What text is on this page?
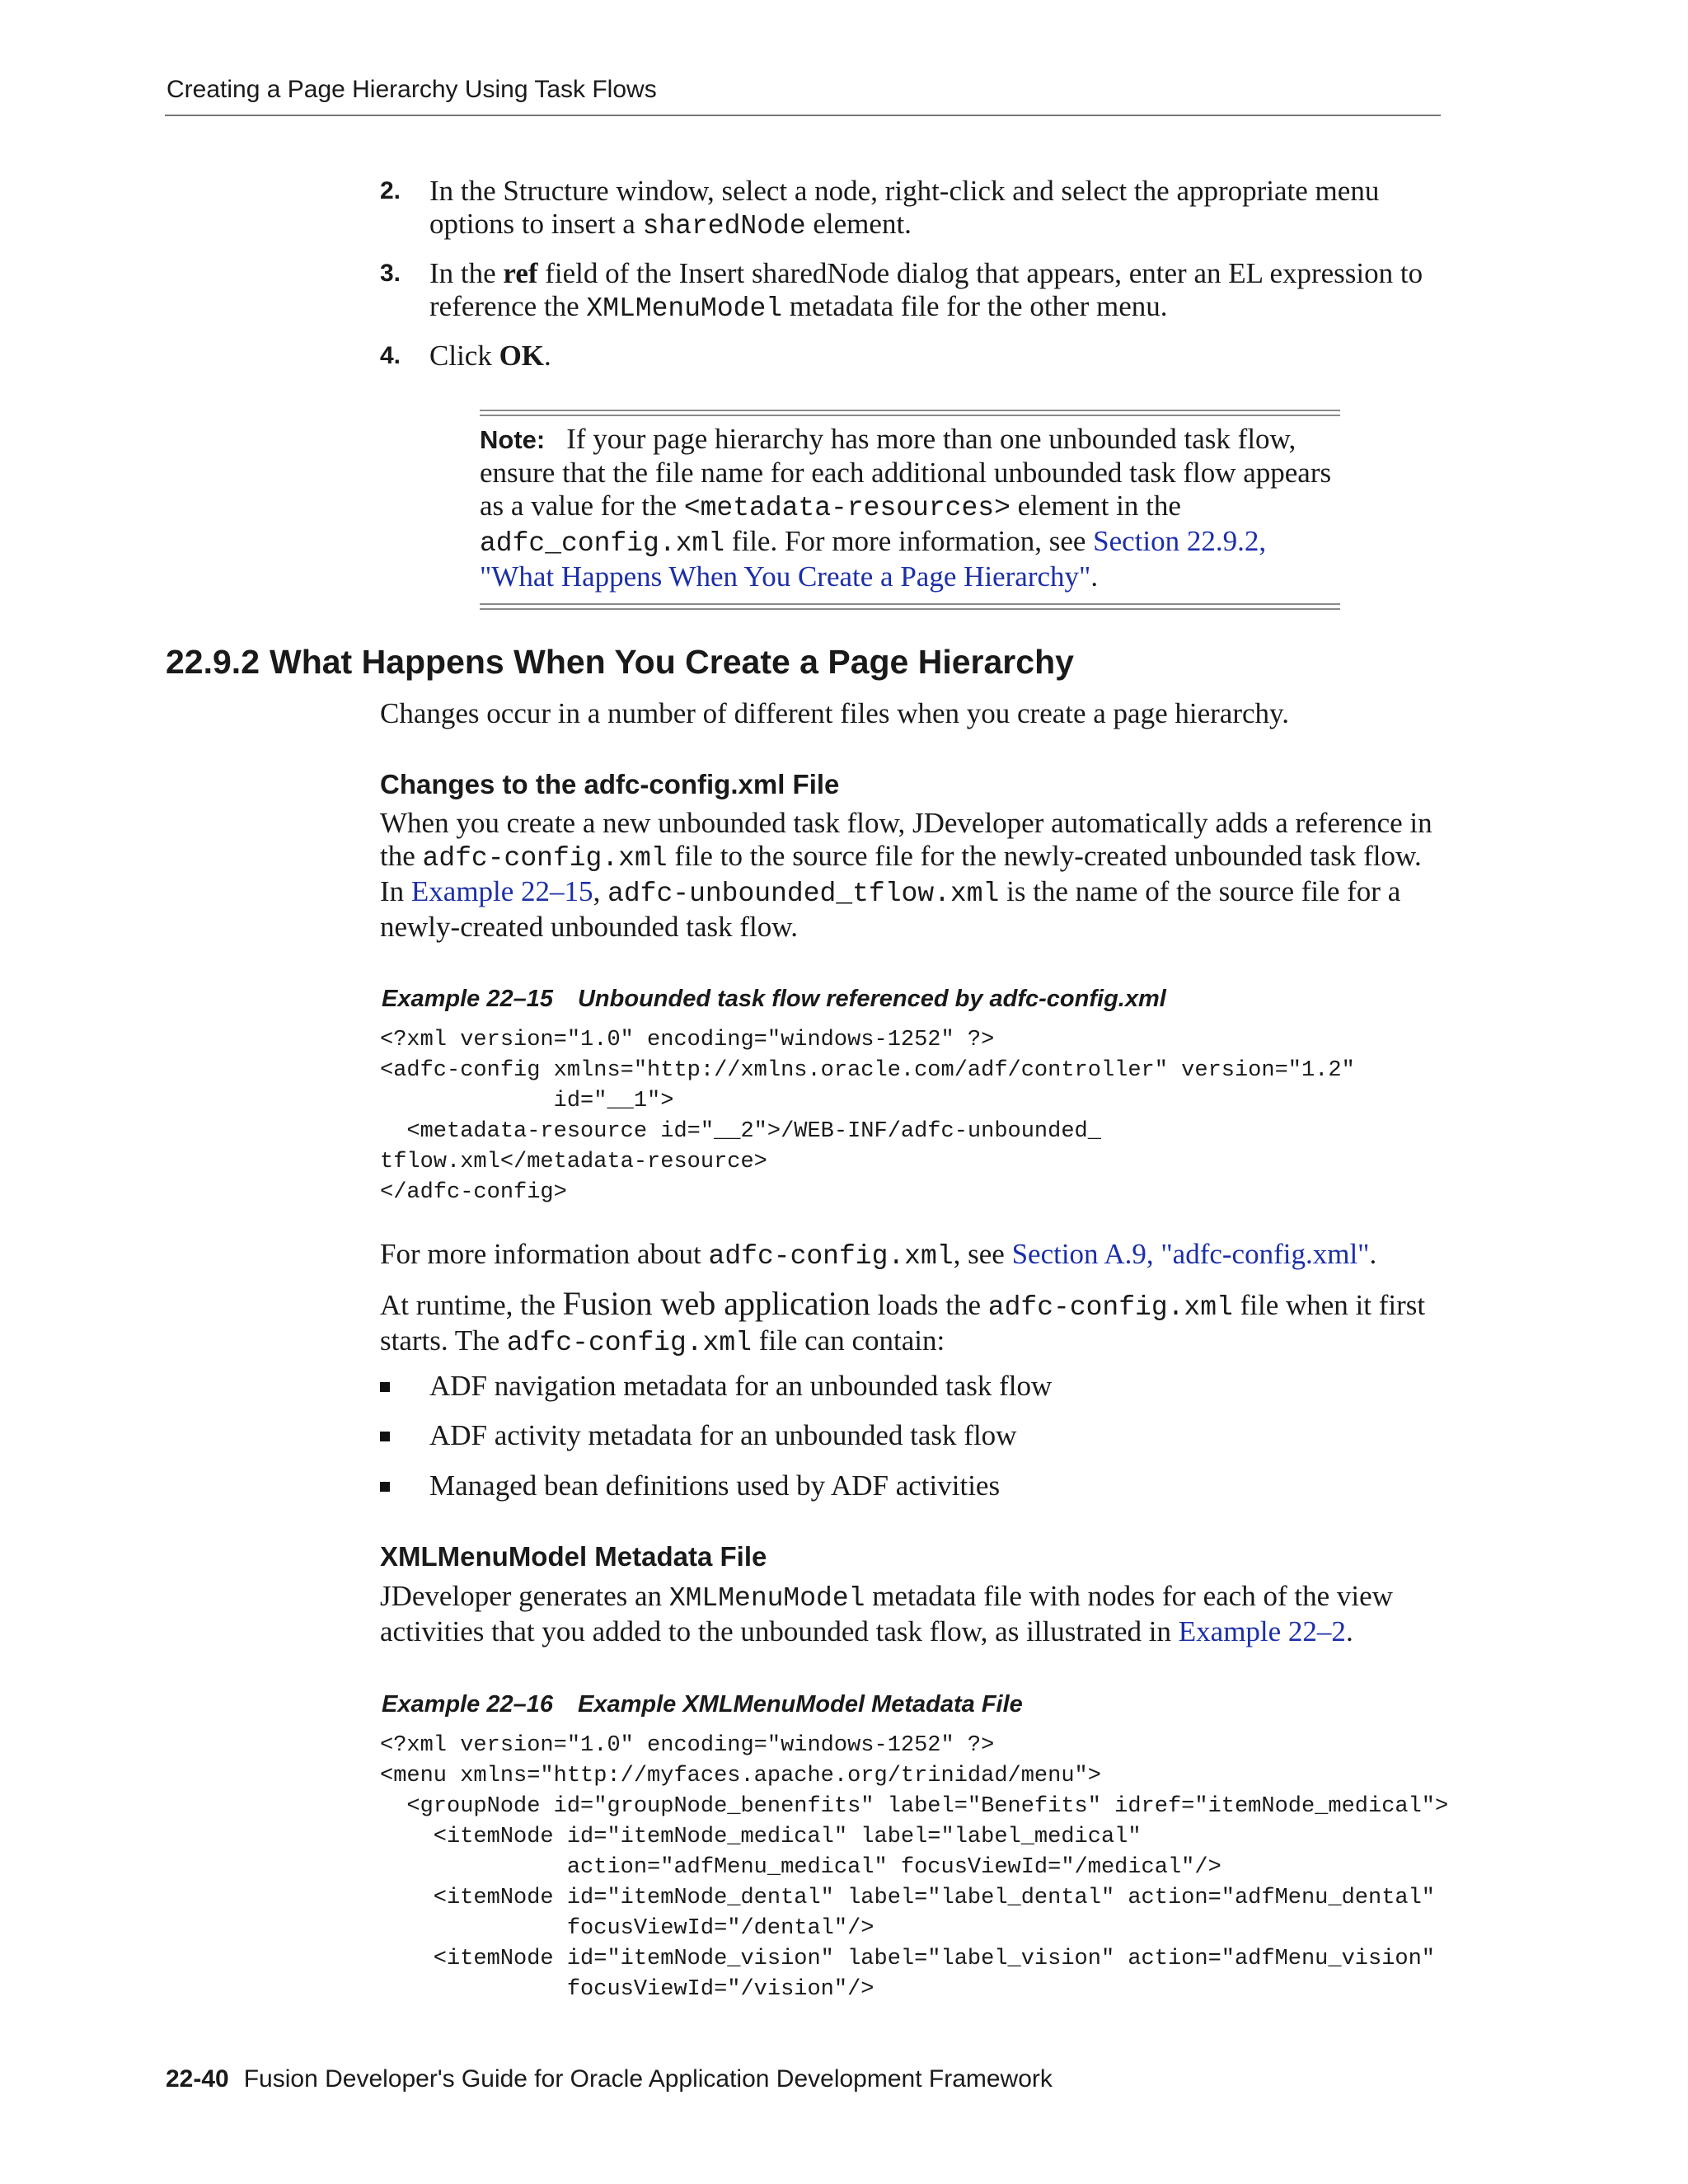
Creating a Page Hierarchy Using Task Flows
2. In the Structure window, select a node, right-click and select the appropriate menu options to insert a sharedNode element.
3. In the ref field of the Insert sharedNode dialog that appears, enter an EL expression to reference the XMLMenuModel metadata file for the other menu.
4. Click OK.
Note: If your page hierarchy has more than one unbounded task flow, ensure that the file name for each additional unbounded task flow appears as a value for the <metadata-resources> element in the adfc_config.xml file. For more information, see Section 22.9.2, "What Happens When You Create a Page Hierarchy".
22.9.2 What Happens When You Create a Page Hierarchy
Changes occur in a number of different files when you create a page hierarchy.
Changes to the adfc-config.xml File
When you create a new unbounded task flow, JDeveloper automatically adds a reference in the adfc-config.xml file to the source file for the newly-created unbounded task flow. In Example 22–15, adfc-unbounded_tflow.xml is the name of the source file for a newly-created unbounded task flow.
Example 22–15 Unbounded task flow referenced by adfc-config.xml
<?xml version="1.0" encoding="windows-1252" ?>
<adfc-config xmlns="http://xmlns.oracle.com/adf/controller" version="1.2"
id="__1">
<metadata-resource id="__2">/WEB-INF/adfc-unbounded_
tflow.xml</metadata-resource>
</adfc-config>
For more information about adfc-config.xml, see Section A.9, "adfc-config.xml".
At runtime, the Fusion web application loads the adfc-config.xml file when it first starts. The adfc-config.xml file can contain:
ADF navigation metadata for an unbounded task flow
ADF activity metadata for an unbounded task flow
Managed bean definitions used by ADF activities
XMLMenuModel Metadata File
JDeveloper generates an XMLMenuModel metadata file with nodes for each of the view activities that you added to the unbounded task flow, as illustrated in Example 22–2.
Example 22–16 Example XMLMenuModel Metadata File
<?xml version="1.0" encoding="windows-1252" ?>
<menu xmlns="http://myfaces.apache.org/trinidad/menu">
<groupNode id="groupNode_benenfits" label="Benefits" idref="itemNode_medical">
<itemNode id="itemNode_medical" label="label_medical"
action="adfMenu_medical" focusViewId="/medical"/>
<itemNode id="itemNode_dental" label="label_dental" action="adfMenu_dental"
focusViewId="/dental"/>
<itemNode id="itemNode_vision" label="label_vision" action="adfMenu_vision"
focusViewId="/vision"/>
22-40 Fusion Developer's Guide for Oracle Application Development Framework
